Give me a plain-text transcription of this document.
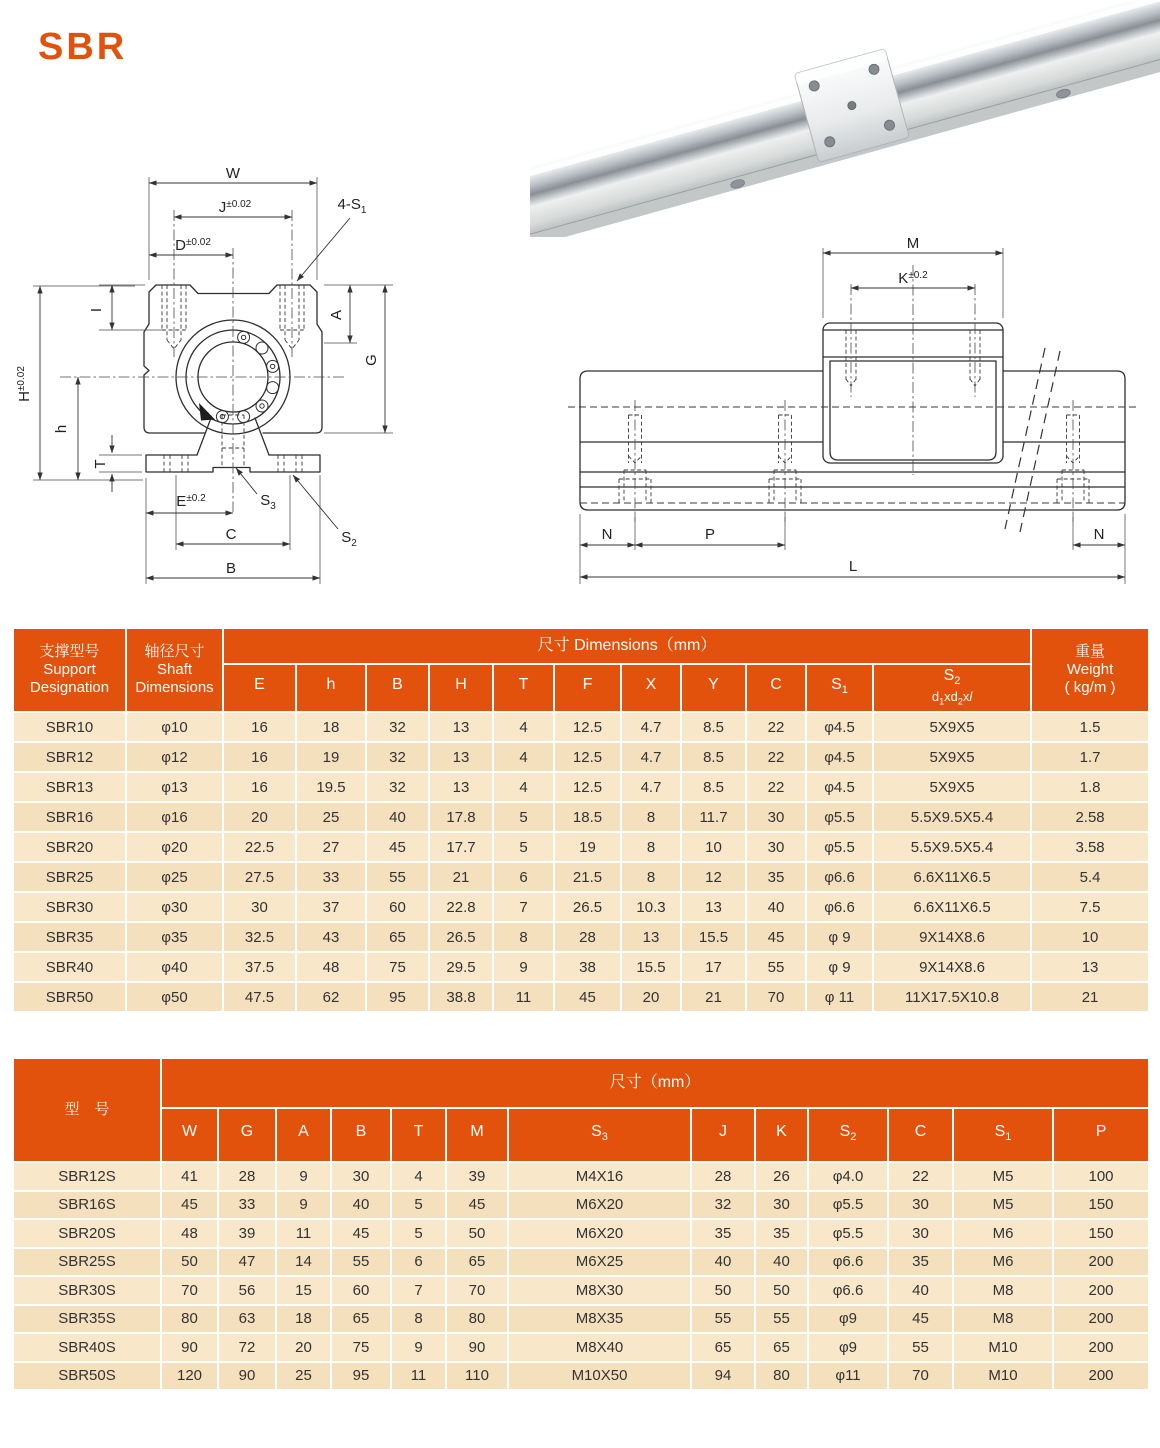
SBR
W
$J^{\pm 0.02}$
$D^{\pm 0.02}$
$4-S_1$
I	A
G
$H^{\pm 0.02}$
h
T
$E^{\pm 0.2}$	$S_3$
C
B
$S_2$
M
$K^{\pm 0.2}$
N	P	N
L
支撑型号
Support
Designation

轴径尺寸
Shaft
Dimensions
	尺寸 Dimensions（mm）	重量
Weight
( kg/m )

		E	h	B	H	T	F	X	Y	C	$S_1$	$S_2$
$d_1xd_2xl$	

SBR10	φ10	16	18	32	13	4	12.5	4.7	8.5	22	φ4.5	5X9X5	1.5
SBR12	φ12	16	19	32	13	4	12.5	4.7	8.5	22	φ4.5	5X9X5	1.7
SBR13	φ13	16	19.5	32	13	4	12.5	4.7	8.5	22	φ4.5	5X9X5	1.8
SBR16	φ16	20	25	40	17.8	5	18.5	8	11.7	30	φ5.5	5.5X9.5X5.4	2.58
SBR20	φ20	22.5	27	45	17.7	5	19	8	10	30	φ5.5	5.5X9.5X5.4	3.58
SBR25	φ25	27.5	33	55	21	6	21.5	8	12	35	φ6.6	6.6X11X6.5	5.4
SBR30	φ30	30	37	60	22.8	7	26.5	10.3	13	40	φ6.6	6.6X11X6.5	7.5
SBR35	φ35	32.5	43	65	26.5	8	28	13	15.5	45	φ 9	9X14X8.6	10
SBR40	φ40	37.5	48	75	29.5	9	38	15.5	17	55	φ 9	9X14X8.6	13
SBR50	φ50	47.5	62	95	38.8	11	45	20	21	70	φ 11	11X17.5X10.8	21
型　号	尺寸（mm）												
	W	G	A	B	T	M	$S_3$	J	K	$S_2$	C	$S_1$	P
SBR12S	41	28	9	30	4	39	M4X16	28	26	φ4.0	22	M5	100
SBR16S	45	33	9	40	5	45	M6X20	32	30	φ5.5	30	M5	150
SBR20S	48	39	11	45	5	50	M6X20	35	35	φ5.5	30	M6	150
SBR25S	50	47	14	55	6	65	M6X25	40	40	φ6.6	35	M6	200
SBR30S	70	56	15	60	7	70	M8X30	50	50	φ6.6	40	M8	200
SBR35S	80	63	18	65	8	80	M8X35	55	55	φ9	45	M8	200
SBR40S	90	72	20	75	9	90	M8X40	65	65	φ9	55	M10	200
SBR50S	120	90	25	95	11	110	M10X50	94	80	φ11	70	M10	200
